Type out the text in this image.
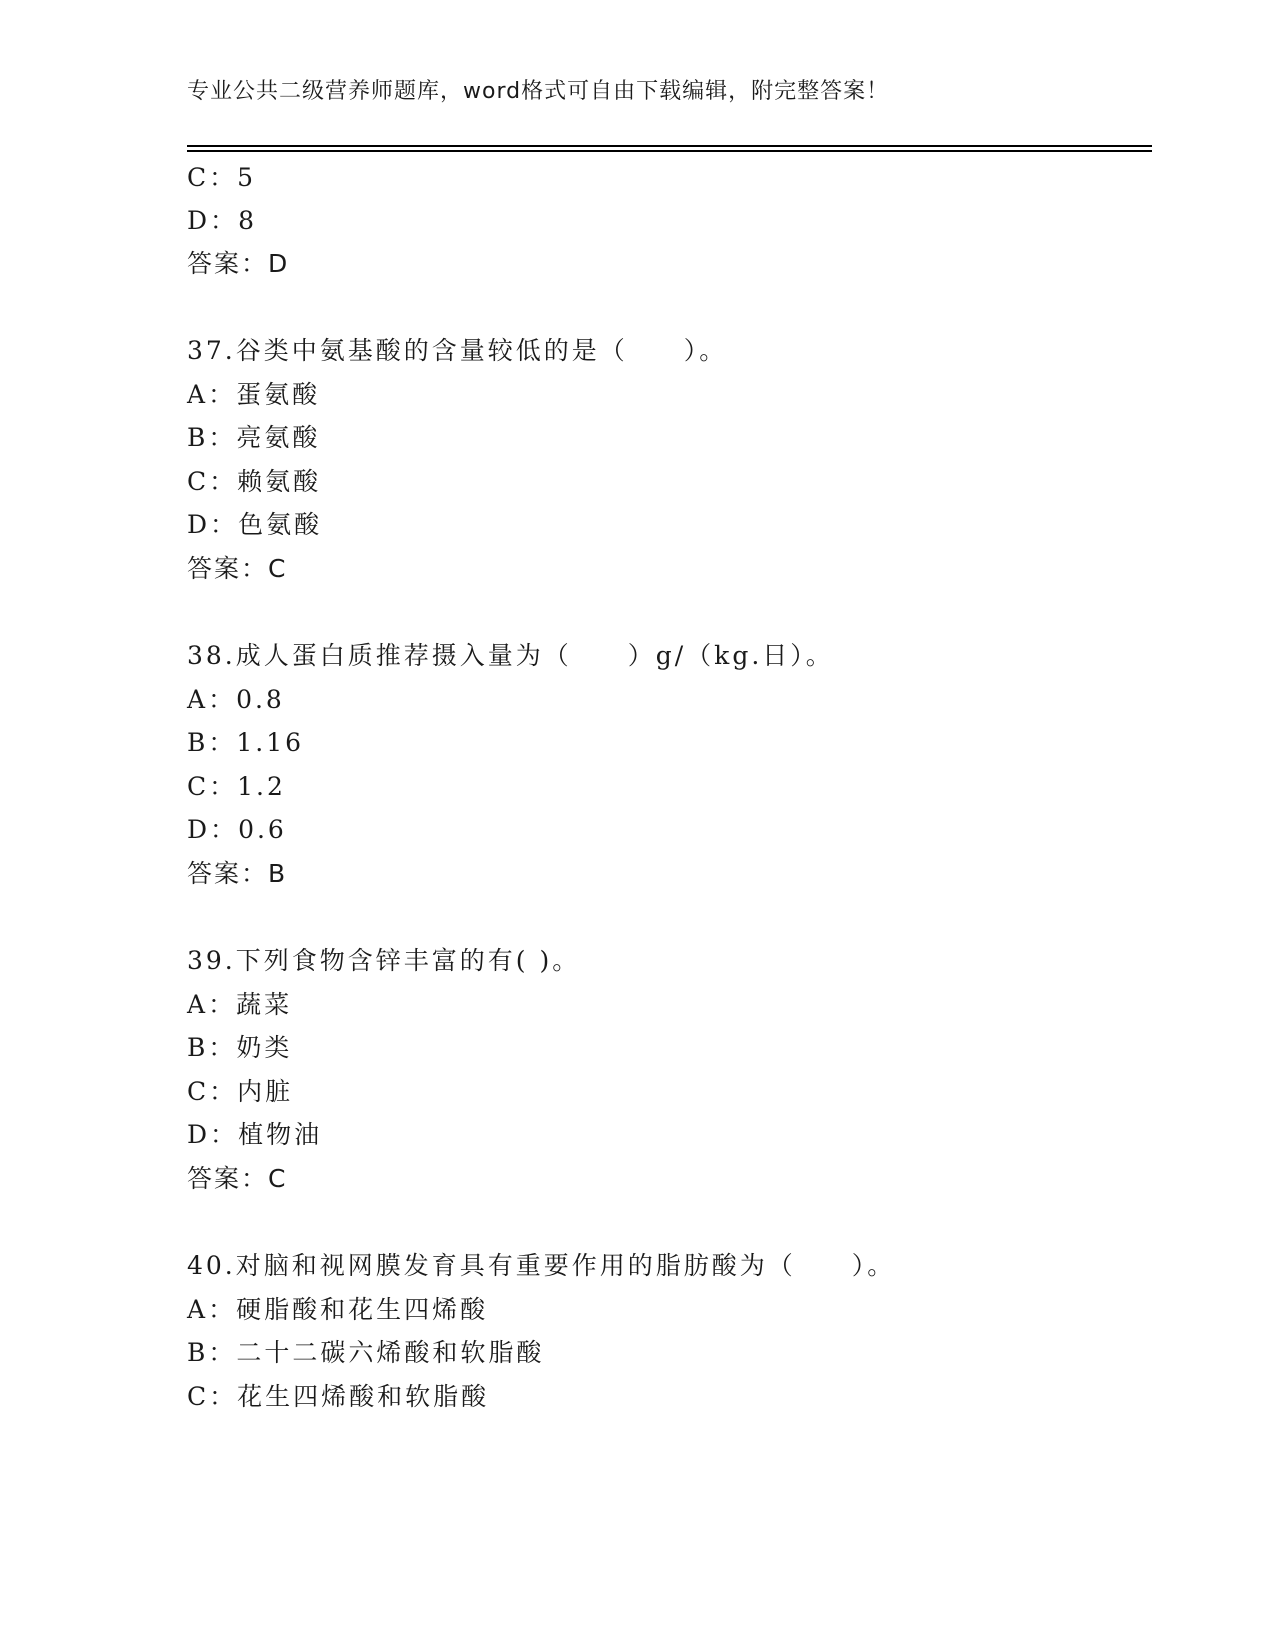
专业公共二级营养师题库，word格式可自由下载编辑，附完整答案！
C：5
D：8
答案：D
37.谷类中氨基酸的含量较低的是（　　）。
A：蛋氨酸
B：亮氨酸
C：赖氨酸
D：色氨酸
答案：C
38.成人蛋白质推荐摄入量为（　　）g/（kg.日）。
A：0.8
B：1.16
C：1.2
D：0.6
答案：B
39.下列食物含锌丰富的有( )。
A：蔬菜
B：奶类
C：内脏
D：植物油
答案：C
40.对脑和视网膜发育具有重要作用的脂肪酸为（　　）。
A：硬脂酸和花生四烯酸
B：二十二碳六烯酸和软脂酸
C：花生四烯酸和软脂酸
